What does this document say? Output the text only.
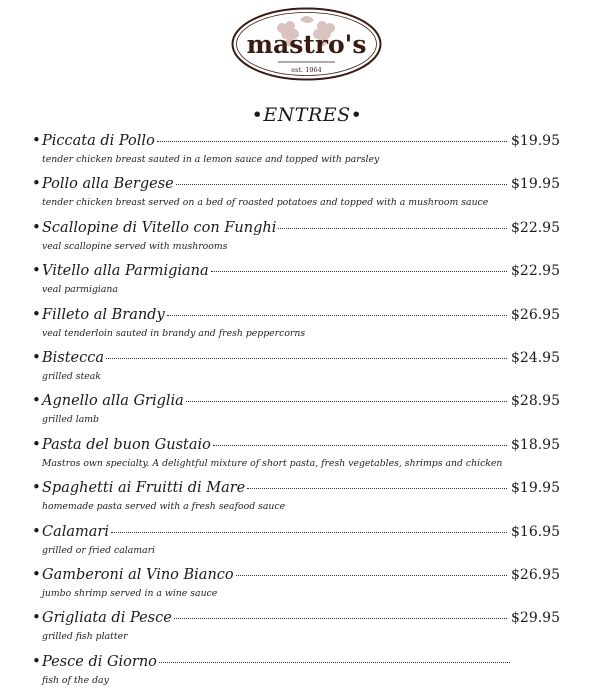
mastro's
est. 1964
•ENTRES•
• Piccata di Pollo	$19.95
tender chicken breast sauted in a lemon sauce and topped with parsley
• Pollo alla Bergese	$19.95
tender chicken breast served on a bed of roasted potatoes and topped with a mushroom sauce
• Scallopine di Vitello con Funghi	$22.95
veal scallopine served with mushrooms
• Vitello alla Parmigiana	$22.95
veal parmigiana
• Filleto al Brandy	$26.95
veal tenderloin sauted in brandy and fresh peppercorns
• Bistecca	$24.95
grilled steak
• Agnello alla Griglia	$28.95
grilled lamb
• Pasta del buon Gustaio	$18.95
Mastros own specialty. A delightful mixture of short pasta, fresh vegetables, shrimps and chicken
• Spaghetti ai Fruitti di Mare	$19.95
homemade pasta served with a fresh seafood sauce
• Calamari	$16.95
grilled or fried calamari
• Gamberoni al Vino Bianco	$26.95
jumbo shrimp served in a wine sauce
• Grigliata di Pesce	$29.95
grilled fish platter
• Pesce di Giorno
fish of the day
